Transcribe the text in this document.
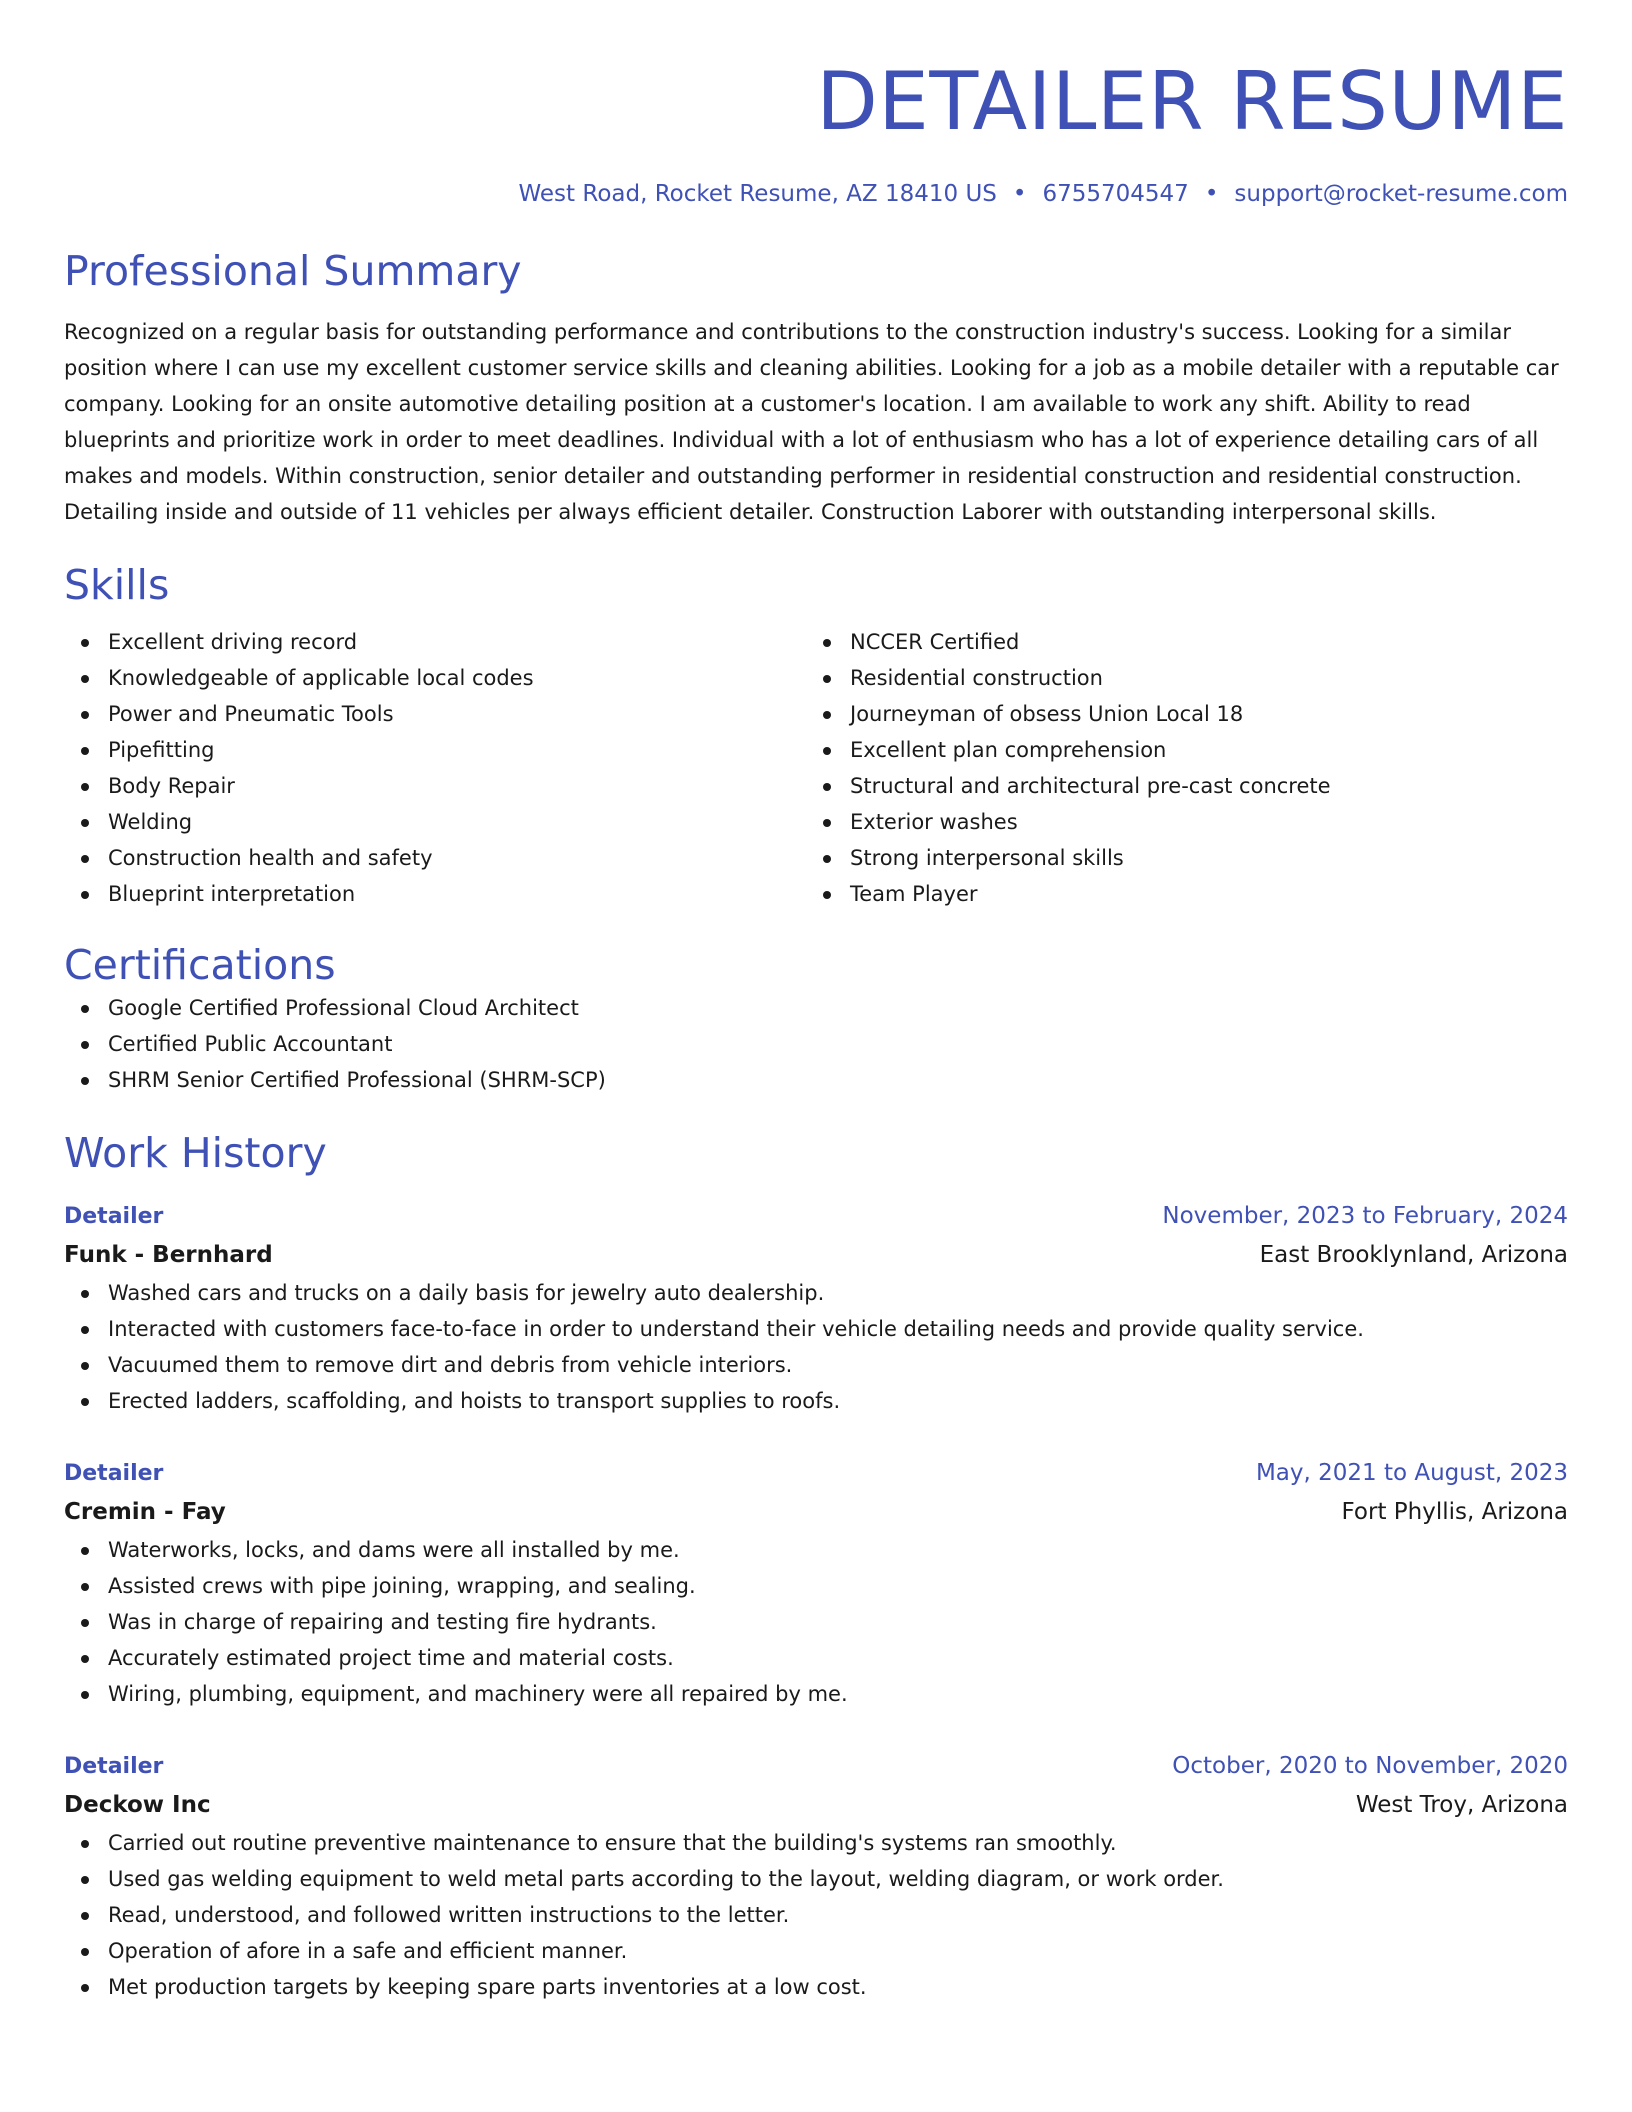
DETAILER RESUME
West Road, Rocket Resume, AZ 18410 US • 6755704547 • support@rocket-resume.com
Professional Summary
Recognized on a regular basis for outstanding performance and contributions to the construction industry's success. Looking for a similar position where I can use my excellent customer service skills and cleaning abilities. Looking for a job as a mobile detailer with a reputable car company. Looking for an onsite automotive detailing position at a customer's location. I am available to work any shift. Ability to read blueprints and prioritize work in order to meet deadlines. Individual with a lot of enthusiasm who has a lot of experience detailing cars of all makes and models. Within construction, senior detailer and outstanding performer in residential construction and residential construction. Detailing inside and outside of 11 vehicles per always efficient detailer. Construction Laborer with outstanding interpersonal skills.
Skills
Excellent driving record
Knowledgeable of applicable local codes
Power and Pneumatic Tools
Pipefitting
Body Repair
Welding
Construction health and safety
Blueprint interpretation
NCCER Certified
Residential construction
Journeyman of obsess Union Local 18
Excellent plan comprehension
Structural and architectural pre-cast concrete
Exterior washes
Strong interpersonal skills
Team Player
Certifications
Google Certified Professional Cloud Architect
Certified Public Accountant
SHRM Senior Certified Professional (SHRM-SCP)
Work History
Detailer	November, 2023 to February, 2024
Funk - Bernhard	East Brooklynland, Arizona
Washed cars and trucks on a daily basis for jewelry auto dealership.
Interacted with customers face-to-face in order to understand their vehicle detailing needs and provide quality service.
Vacuumed them to remove dirt and debris from vehicle interiors.
Erected ladders, scaffolding, and hoists to transport supplies to roofs.
Detailer	May, 2021 to August, 2023
Cremin - Fay	Fort Phyllis, Arizona
Waterworks, locks, and dams were all installed by me.
Assisted crews with pipe joining, wrapping, and sealing.
Was in charge of repairing and testing fire hydrants.
Accurately estimated project time and material costs.
Wiring, plumbing, equipment, and machinery were all repaired by me.
Detailer	October, 2020 to November, 2020
Deckow Inc	West Troy, Arizona
Carried out routine preventive maintenance to ensure that the building's systems ran smoothly.
Used gas welding equipment to weld metal parts according to the layout, welding diagram, or work order.
Read, understood, and followed written instructions to the letter.
Operation of afore in a safe and efficient manner.
Met production targets by keeping spare parts inventories at a low cost.
